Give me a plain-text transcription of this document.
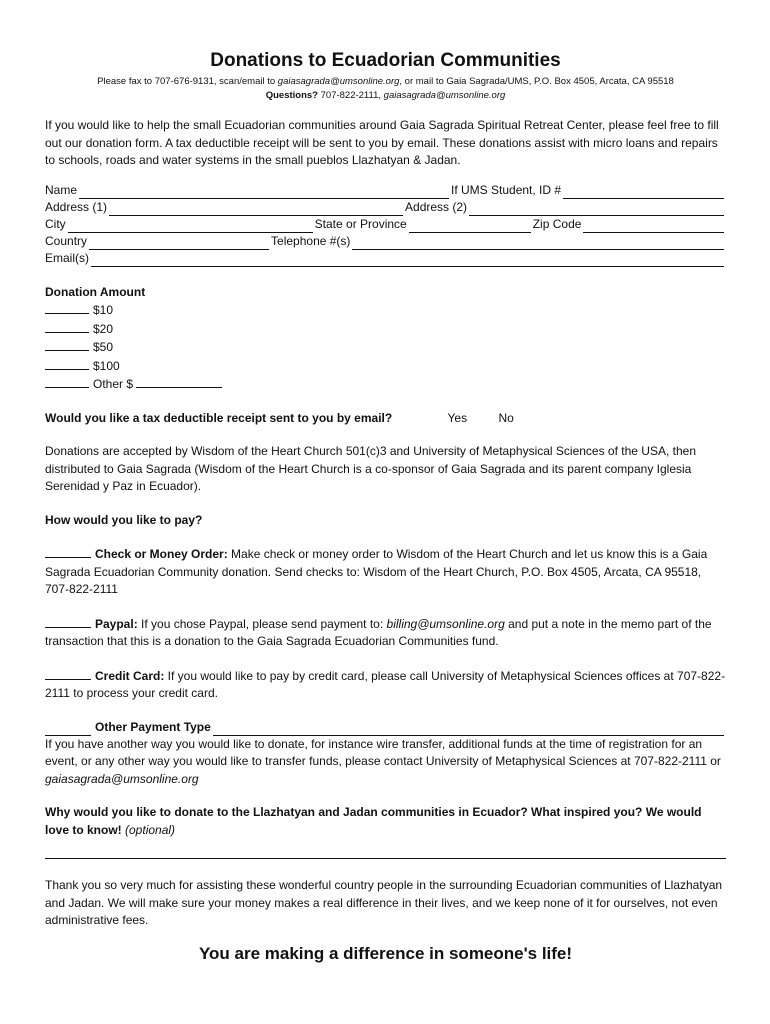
Donations to Ecuadorian Communities

Please fax to 707-676-9131, scan/email to gaiasagrada@umsonline.org, or mail to Gaia Sagrada/UMS, P.O. Box 4505, Arcata, CA 95518

Questions? 707-822-2111, gaiasagrada@umsonline.org

If you would like to help the small Ecuadorian communities around Gaia Sagrada Spiritual Retreat Center, please feel free to fill out our donation form. A tax deductible receipt will be sent to you by email. These donations assist with micro loans and repairs to schools, roads and water systems in the small pueblos Llazhatyan & Jadan.

Name	If UMS Student, ID #
Address (1)	Address (2)
City	State or Province	Zip Code
Country	Telephone #(s)
Email(s)

Donation Amount

$10

$20

$50

$100

Other $

Would you like a tax deductible receipt sent to you by email?	Yes	No

Donations are accepted by Wisdom of the Heart Church 501(c)3 and University of Metaphysical Sciences of the USA, then distributed to Gaia Sagrada (Wisdom of the Heart Church is a co-sponsor of Gaia Sagrada and its parent company Iglesia Serenidad y Paz in Ecuador).

How would you like to pay?

Check or Money Order: Make check or money order to Wisdom of the Heart Church and let us know this is a Gaia Sagrada Ecuadorian Community donation. Send checks to: Wisdom of the Heart Church, P.O. Box 4505, Arcata, CA 95518, 707-822-2111

Paypal: If you chose Paypal, please send payment to: billing@umsonline.org and put a note in the memo part of the transaction that this is a donation to the Gaia Sagrada Ecuadorian Communities fund.

Credit Card: If you would like to pay by credit card, please call University of Metaphysical Sciences offices at 707-822-2111 to process your credit card.

Other Payment Type

If you have another way you would like to donate, for instance wire transfer, additional funds at the time of registration for an event, or any other way you would like to transfer funds, please contact University of Metaphysical Sciences at 707-822-2111 or gaiasagrada@umsonline.org

Why would you like to donate to the Llazhatyan and Jadan communities in Ecuador? What inspired you? We would love to know! (optional)

Thank you so very much for assisting these wonderful country people in the surrounding Ecuadorian communities of Llazhatyan and Jadan. We will make sure your money makes a real difference in their lives, and we keep none of it for ourselves, not even administrative fees.

You are making a difference in someone's life!
